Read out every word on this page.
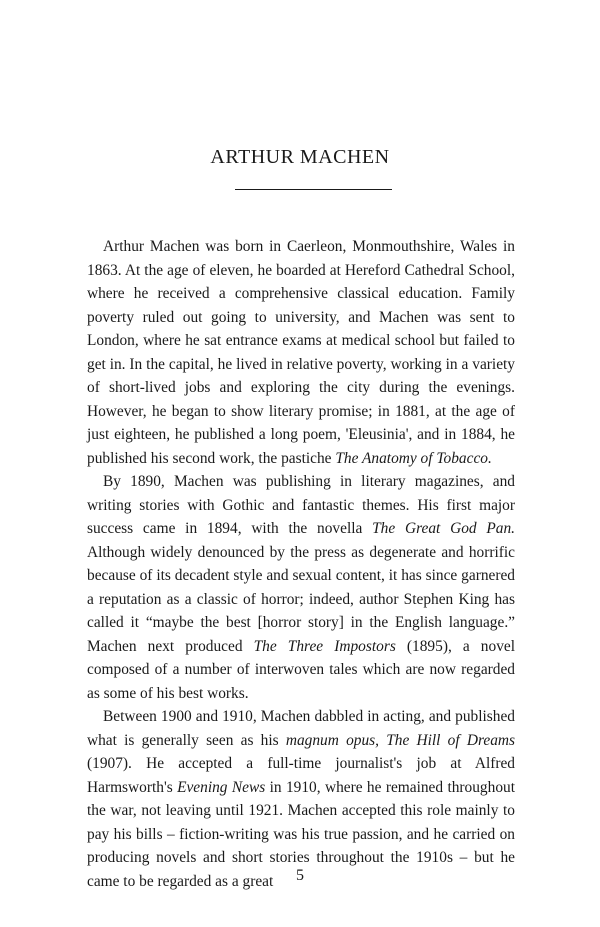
ARTHUR MACHEN

Arthur Machen was born in Caerleon, Monmouthshire, Wales in 1863. At the age of eleven, he boarded at Hereford Cathedral School, where he received a comprehensive classical education. Family poverty ruled out going to university, and Machen was sent to London, where he sat entrance exams at medical school but failed to get in. In the capital, he lived in relative poverty, working in a variety of short-lived jobs and exploring the city during the evenings. However, he began to show literary promise; in 1881, at the age of just eighteen, he published a long poem, 'Eleusinia', and in 1884, he published his second work, the pastiche The Anatomy of Tobacco.

By 1890, Machen was publishing in literary magazines, and writing stories with Gothic and fantastic themes. His first major success came in 1894, with the novella The Great God Pan. Although widely denounced by the press as degenerate and horrific because of its decadent style and sexual content, it has since garnered a reputation as a classic of horror; indeed, author Stephen King has called it “maybe the best [horror story] in the English language.” Machen next produced The Three Impostors (1895), a novel composed of a number of interwoven tales which are now regarded as some of his best works.

Between 1900 and 1910, Machen dabbled in acting, and published what is generally seen as his magnum opus, The Hill of Dreams (1907). He accepted a full-time journalist's job at Alfred Harmsworth's Evening News in 1910, where he remained throughout the war, not leaving until 1921. Machen accepted this role mainly to pay his bills – fiction-writing was his true passion, and he carried on producing novels and short stories throughout the 1910s – but he came to be regarded as a great	5
